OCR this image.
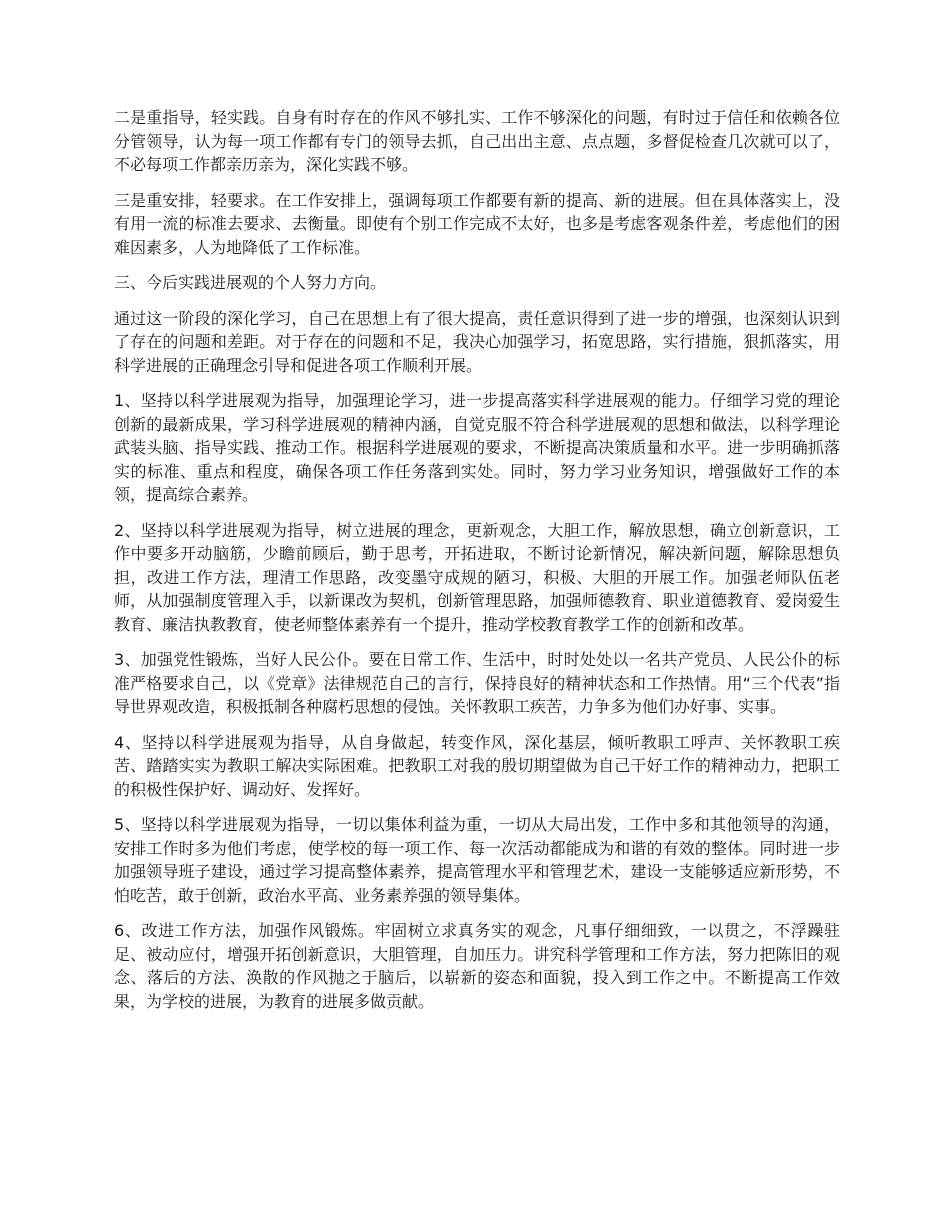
二是重指导，轻实践。自身有时存在的作风不够扎实、工作不够深化的问题，有时过于信任和依赖各位分管领导，认为每一项工作都有专门的领导去抓，自己出出主意、点点题，多督促检查几次就可以了，不必每项工作都亲历亲为，深化实践不够。

三是重安排，轻要求。在工作安排上，强调每项工作都要有新的提高、新的进展。但在具体落实上，没有用一流的标准去要求、去衡量。即使有个别工作完成不太好，也多是考虑客观条件差，考虑他们的困难因素多，人为地降低了工作标准。

三、今后实践进展观的个人努力方向。

通过这一阶段的深化学习，自己在思想上有了很大提高，责任意识得到了进一步的增强，也深刻认识到了存在的问题和差距。对于存在的问题和不足，我决心加强学习，拓宽思路，实行措施，狠抓落实，用科学进展的正确理念引导和促进各项工作顺利开展。

1、坚持以科学进展观为指导，加强理论学习，进一步提高落实科学进展观的能力。仔细学习党的理论创新的最新成果，学习科学进展观的精神内涵，自觉克服不符合科学进展观的思想和做法，以科学理论武装头脑、指导实践、推动工作。根据科学进展观的要求，不断提高决策质量和水平。进一步明确抓落实的标准、重点和程度，确保各项工作任务落到实处。同时，努力学习业务知识，增强做好工作的本领，提高综合素养。

2、坚持以科学进展观为指导，树立进展的理念，更新观念，大胆工作，解放思想，确立创新意识，工作中要多开动脑筋，少瞻前顾后，勤于思考，开拓进取，不断讨论新情况，解决新问题，解除思想负担，改进工作方法，理清工作思路，改变墨守成规的陋习，积极、大胆的开展工作。加强老师队伍老师，从加强制度管理入手，以新课改为契机，创新管理思路，加强师德教育、职业道德教育、爱岗爱生教育、廉洁执教教育，使老师整体素养有一个提升，推动学校教育教学工作的创新和改革。

3、加强党性锻炼，当好人民公仆。要在日常工作、生活中，时时处处以一名共产党员、人民公仆的标准严格要求自己，以《党章》法律规范自己的言行，保持良好的精神状态和工作热情。用“三个代表”指导世界观改造，积极抵制各种腐朽思想的侵蚀。关怀教职工疾苦，力争多为他们办好事、实事。

4、坚持以科学进展观为指导，从自身做起，转变作风，深化基层，倾听教职工呼声、关怀教职工疾苦、踏踏实实为教职工解决实际困难。把教职工对我的殷切期望做为自己干好工作的精神动力，把职工的积极性保护好、调动好、发挥好。

5、坚持以科学进展观为指导，一切以集体利益为重，一切从大局出发，工作中多和其他领导的沟通，安排工作时多为他们考虑，使学校的每一项工作、每一次活动都能成为和谐的有效的整体。同时进一步加强领导班子建设，通过学习提高整体素养，提高管理水平和管理艺术，建设一支能够适应新形势，不怕吃苦，敢于创新，政治水平高、业务素养强的领导集体。

6、改进工作方法，加强作风锻炼。牢固树立求真务实的观念，凡事仔细细致，一以贯之，不浮躁驻足、被动应付，增强开拓创新意识，大胆管理，自加压力。讲究科学管理和工作方法，努力把陈旧的观念、落后的方法、涣散的作风抛之于脑后，以崭新的姿态和面貌，投入到工作之中。不断提高工作效果，为学校的进展，为教育的进展多做贡献。
